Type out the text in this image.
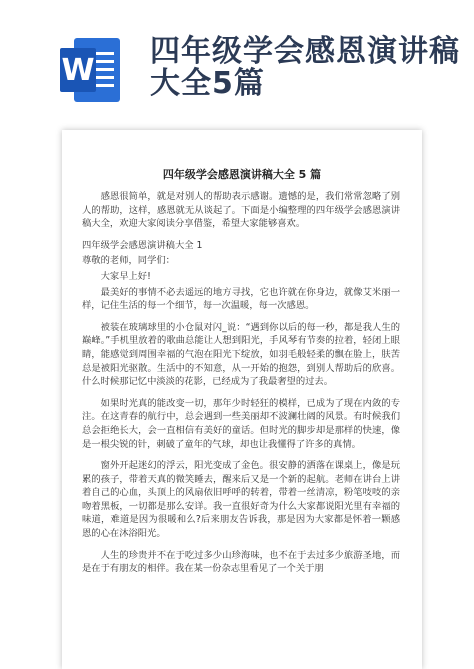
W
四年级学会感恩演讲稿大全5篇
四年级学会感恩演讲稿大全 5 篇

感恩很简单，就是对别人的帮助表示感谢。遗憾的是，我们常常忽略了别人的帮助，这样，感恩就无从谈起了。下面是小编整理的四年级学会感恩演讲稿大全，欢迎大家阅读分享借鉴，希望大家能够喜欢。

四年级学会感恩演讲稿大全 1

尊敬的老师，同学们：

大家早上好!

最美好的事情不必去遥远的地方寻找，它也许就在你身边，就像艾米丽一样，记住生活的每一个细节，每一次温暖，每一次感恩。

被装在玻璃球里的小仓鼠对闪_说：“遇到你以后的每一秒，都是我人生的巅峰。”手机里放着的歌曲总能让人想到阳光，手风琴有节奏的拉着，轻闭上眼睛，能感觉到周围幸福的气泡在阳光下绽放，如羽毛般轻柔的飘在脸上，肤苦总是被阳光驱散。生活中的不知意，从一开始的抱怨，到别人帮助后的欣喜。 什么时候那记忆中淡淡的花影，已经成为了我最奢望的过去。

如果时光真的能改变一切，那年少时轻狂的模样，已成为了现在内敛的专注。在这青春的航行中，总会遇到一些美丽却不波澜壮阔的风景。有时候我们总会拒绝长大，会一直相信有美好的童话。但时光的脚步却是那样的快速，像是一根尖锐的针，刺破了童年的气球，却也让我懂得了许多的真情。

窗外开起迷幻的浮云，阳光变成了金色。很安静的洒落在课桌上，像是玩累的孩子，带着天真的微笑睡去，醒来后又是一个新的起航。老师在讲台上讲着自己的心血，头顶上的风扇依旧呼呼的转着，带着一丝清凉，粉笔吱吱的亲吻着黑板，一切都是那么安详。我一直很好奇为什么大家都说阳光里有幸福的味道，难道是因为很暖和么?后来朋友告诉我，那是因为大家都是怀着一颗感恩的心在沐浴阳光。

人生的珍贵并不在于吃过多少山珍海味，也不在于去过多少旅游圣地，而是在于有朋友的相伴。我在某一份杂志里看见了一个关于朋
